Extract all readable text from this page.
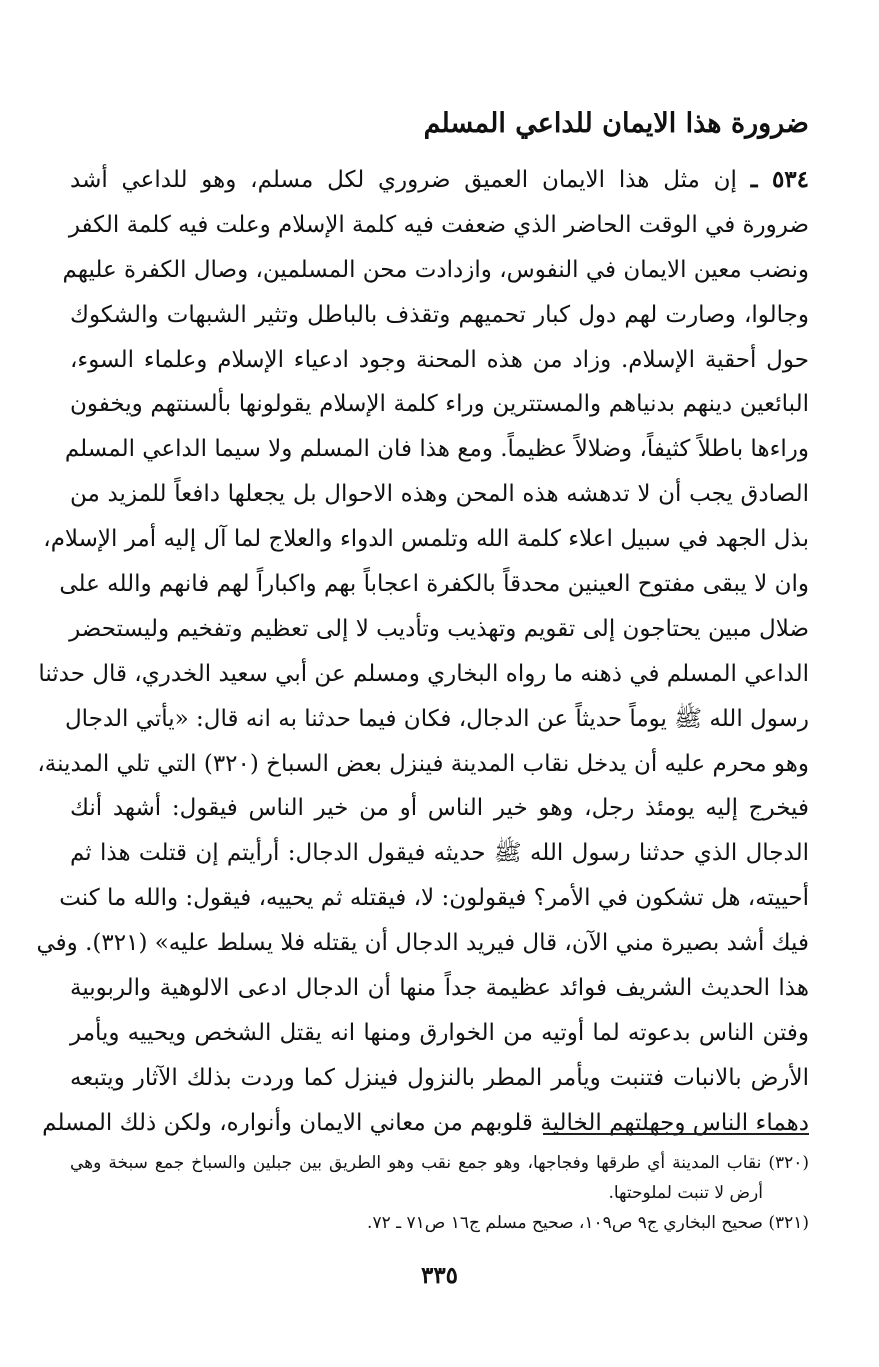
ضرورة هذا الايمان للداعي المسلم
٥٣٤ ـ إن مثل هذا الايمان العميق ضروري لكل مسلم، وهو للداعي أشد
ضرورة في الوقت الحاضر الذي ضعفت فيه كلمة الإسلام وعلت فيه كلمة الكفر
ونضب معين الايمان في النفوس، وازدادت محن المسلمين، وصال الكفرة عليهم
وجالوا، وصارت لهم دول كبار تحميهم وتقذف بالباطل وتثير الشبهات والشكوك
حول أحقية الإسلام. وزاد من هذه المحنة وجود ادعياء الإسلام وعلماء السوء،
البائعين دينهم بدنياهم والمستترين وراء كلمة الإسلام يقولونها بألسنتهم ويخفون
وراءها باطلاً كثيفاً، وضلالاً عظيماً. ومع هذا فان المسلم ولا سيما الداعي المسلم
الصادق يجب أن لا تدهشه هذه المحن وهذه الاحوال بل يجعلها دافعاً للمزيد من
بذل الجهد في سبيل اعلاء كلمة الله وتلمس الدواء والعلاج لما آل إليه أمر الإسلام،
وان لا يبقى مفتوح العينين محدقاً بالكفرة اعجاباً بهم واكباراً لهم فانهم والله على
ضلال مبين يحتاجون إلى تقويم وتهذيب وتأديب لا إلى تعظيم وتفخيم وليستحضر
الداعي المسلم في ذهنه ما رواه البخاري ومسلم عن أبي سعيد الخدري، قال حدثنا
رسول الله ﷺ يوماً حديثاً عن الدجال، فكان فيما حدثنا به انه قال: «يأتي الدجال
وهو محرم عليه أن يدخل نقاب المدينة فينزل بعض السباخ (٣٢٠) التي تلي المدينة،
فيخرج إليه يومئذ رجل، وهو خير الناس أو من خير الناس فيقول: أشهد أنك
الدجال الذي حدثنا رسول الله ﷺ حديثه فيقول الدجال: أرأيتم إن قتلت هذا ثم
أحييته، هل تشكون في الأمر؟ فيقولون: لا، فيقتله ثم يحييه، فيقول: والله ما كنت
فيك أشد بصيرة مني الآن، قال فيريد الدجال أن يقتله فلا يسلط عليه» (٣٢١). وفي
هذا الحديث الشريف فوائد عظيمة جداً منها أن الدجال ادعى الالوهية والربوبية
وفتن الناس بدعوته لما أوتيه من الخوارق ومنها انه يقتل الشخص ويحييه ويأمر
الأرض بالانبات فتنبت ويأمر المطر بالنزول فينزل كما وردت بذلك الآثار ويتبعه
دهماء الناس وجهلتهم الخالية قلوبهم من معاني الايمان وأنواره، ولكن ذلك المسلم
(٣٢٠) نقاب المدينة أي طرقها وفجاجها، وهو جمع نقب وهو الطريق بين جبلين والسباخ جمع سبخة وهي
أرض لا تنبت لملوحتها.
(٣٢١) صحيح البخاري ج٩ ص١٠٩، صحيح مسلم ج١٦ ص٧١ ـ ٧٢.
٣٣٥
